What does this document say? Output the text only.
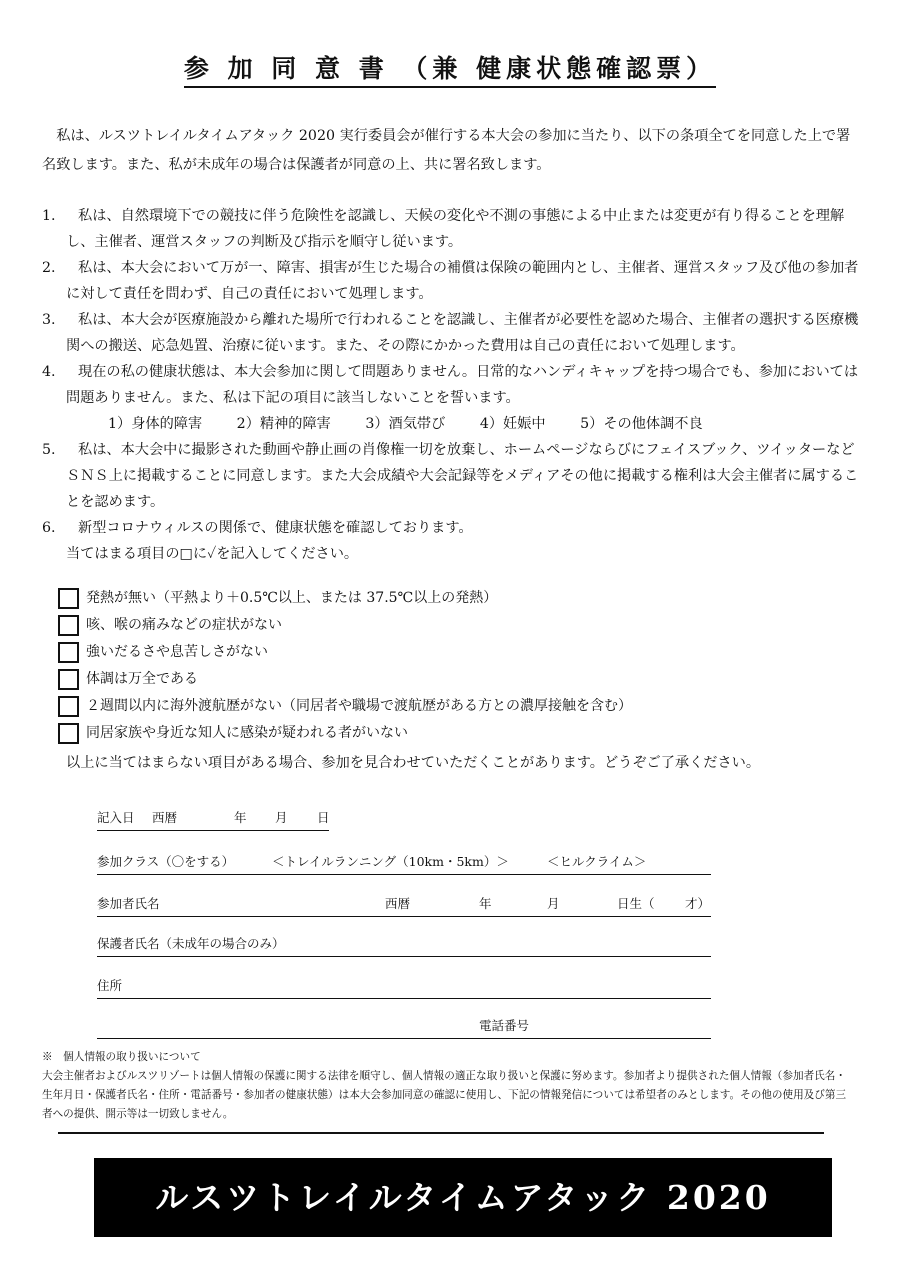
参 加 同 意 書 （兼 健康状態確認票）
私は、ルスツトレイルタイムアタック 2020 実行委員会が催行する本大会の参加に当たり、以下の条項全てを同意した上で署名致します。また、私が未成年の場合は保護者が同意の上、共に署名致します。
1. 私は、自然環境下での競技に伴う危険性を認識し、天候の変化や不測の事態による中止または変更が有り得ることを理解し、主催者、運営スタッフの判断及び指示を順守し従います。
2. 私は、本大会において万が一、障害、損害が生じた場合の補償は保険の範囲内とし、主催者、運営スタッフ及び他の参加者に対して責任を問わず、自己の責任において処理します。
3. 私は、本大会が医療施設から離れた場所で行われることを認識し、主催者が必要性を認めた場合、主催者の選択する医療機関への搬送、応急処置、治療に従います。また、その際にかかった費用は自己の責任において処理します。
4. 現在の私の健康状態は、本大会参加に関して問題ありません。日常的なハンディキャップを持つ場合でも、参加においては問題ありません。また、私は下記の項目に該当しないことを誓います。
1）身体的障害 2）精神的障害 3）酒気帯び 4）妊娠中 5）その他体調不良
5. 私は、本大会中に撮影された動画や静止画の肖像権一切を放棄し、ホームページならびにフェイスブック、ツイッターなどＳＮＳ上に掲載することに同意します。また大会成績や大会記録等をメディアその他に掲載する権利は大会主催者に属することを認めます。
6. 新型コロナウィルスの関係で、健康状態を確認しております。
当てはまる項目の□に✓を記入してください。
発熱が無い（平熱より＋0.5℃以上、または 37.5℃以上の発熱）
咳、喉の痛みなどの症状がない
強いだるさや息苦しさがない
体調は万全である
２週間以内に海外渡航歴がない（同居者や職場で渡航歴がある方との濃厚接触を含む）
同居家族や身近な知人に感染が疑われる者がいない
以上に当てはまらない項目がある場合、参加を見合わせていただくことがあります。どうぞご了承ください。
記入日 西暦	年 月 日
参加クラス（〇をする）	＜トレイルランニング（10km・5km）＞	＜ヒルクライム＞
参加者氏名	西暦	年	月	日生（ 才）
保護者氏名（未成年の場合のみ）
住所
電話番号
※　個人情報の取り扱いについて
大会主催者およびルスツリゾートは個人情報の保護に関する法律を順守し、個人情報の適正な取り扱いと保護に努めます。参加者より提供された個人情報（参加者氏名・生年月日・保護者氏名・住所・電話番号・参加者の健康状態）は本大会参加同意の確認に使用し、下記の情報発信については希望者のみとします。その他の使用及び第三者への提供、開示等は一切致しません。
ルスツトレイルタイムアタック 2020
